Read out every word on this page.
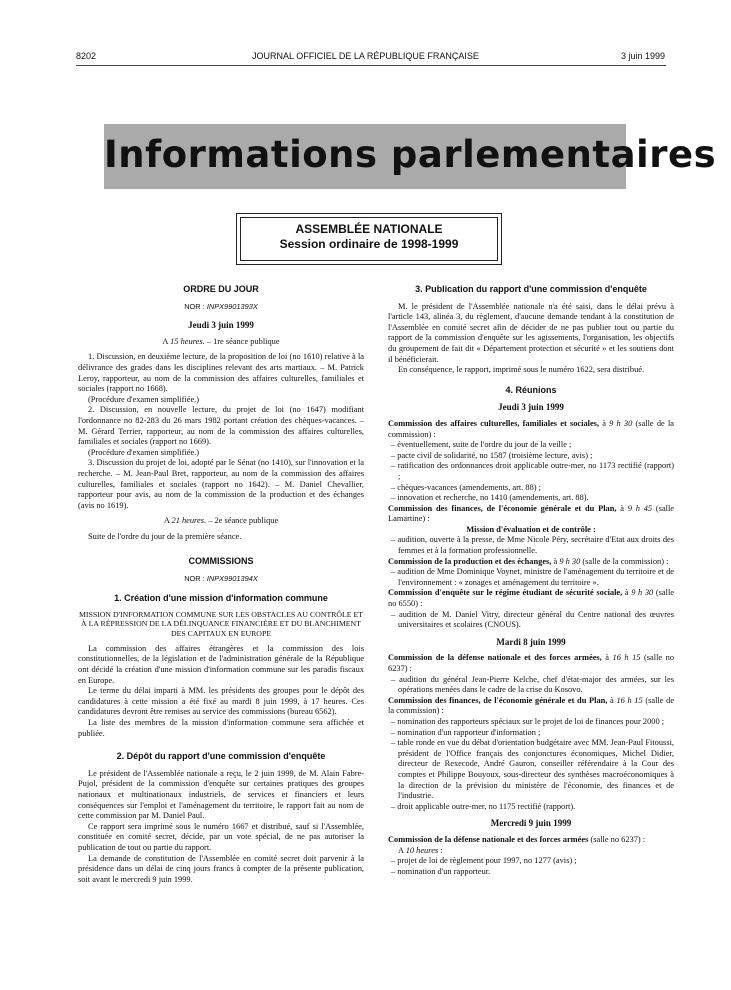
8202	JOURNAL OFFICIEL DE LA RÉPUBLIQUE FRANÇAISE	3 juin 1999
Informations parlementaires
ASSEMBLÉE NATIONALE
Session ordinaire de 1998-1999
ORDRE DU JOUR
NOR : INPX9901393X
Jeudi 3 juin 1999
A 15 heures. – 1re séance publique

1. Discussion, en deuxième lecture, de la proposition de loi (no 1610) relative à la délivrance des grades dans les disciplines relevant des arts martiaux. – M. Patrick Leroy, rapporteur, au nom de la commission des affaires culturelles, familiales et sociales (rapport no 1668).

(Procédure d'examen simplifiée.)

2. Discussion, en nouvelle lecture, du projet de loi (no 1647) modifiant l'ordonnance no 82-283 du 26 mars 1982 portant création des chèques-vacances. – M. Gérard Terrier, rapporteur, au nom de la commission des affaires culturelles, familiales et sociales (rapport no 1669).

(Procédure d'examen simplifiée.)

3. Discussion du projet de loi, adopté par le Sénat (no 1410), sur l'innovation et la recherche. – M. Jean-Paul Bret, rapporteur, au nom de la commission des affaires culturelles, familiales et sociales (rapport no 1642). – M. Daniel Chevallier, rapporteur pour avis, au nom de la commission de la production et des échanges (avis no 1619).

A 21 heures. – 2e séance publique

Suite de l'ordre du jour de la première séance.

COMMISSIONS
NOR : INPX9901394X
1. Création d'une mission d'information commune
MISSION D'INFORMATION COMMUNE SUR LES OBSTACLES AU CONTRÔLE ET À LA RÉPRESSION DE LA DÉLINQUANCE FINANCIÈRE ET DU BLANCHIMENT DES CAPITAUX EN EUROPE

La commission des affaires étrangères et la commission des lois constitutionnelles, de la législation et de l'administration générale de la République ont décidé la création d'une mission d'information commune sur les paradis fiscaux en Europe.

Le terme du délai imparti à MM. les présidents des groupes pour le dépôt des candidatures à cette mission a été fixé au mardi 8 juin 1999, à 17 heures. Ces candidatures devront être remises au service des commissions (bureau 6562).

La liste des membres de la mission d'information commune sera affichée et publiée.

2. Dépôt du rapport d'une commission d'enquête

Le président de l'Assemblée nationale a reçu, le 2 juin 1999, de M. Alain Fabre-Pujol, président de la commission d'enquête sur certaines pratiques des groupes nationaux et multinationaux industriels, de services et financiers et leurs conséquences sur l'emploi et l'aménagement du territoire, le rapport fait au nom de cette commission par M. Daniel Paul.

Ce rapport sera imprimé sous le numéro 1667 et distribué, sauf si l'Assemblée, constituée en comité secret, décide, par un vote spécial, de ne pas autoriser la publication de tout ou partie du rapport.

La demande de constitution de l'Assemblée en comité secret doit parvenir à la présidence dans un délai de cinq jours francs à compter de la présente publication, soit avant le mercredi 9 juin 1999.

3. Publication du rapport d'une commission d'enquête

M. le président de l'Assemblée nationale n'a été saisi, dans le délai prévu à l'article 143, alinéa 3, du règlement, d'aucune demande tendant à la constitution de l'Assemblée en comité secret afin de décider de ne pas publier tout ou partie du rapport de la commission d'enquête sur les agissements, l'organisation, les objectifs du groupement de fait dit « Département protection et sécurité » et les soutiens dont il bénéficierait.

En conséquence, le rapport, imprimé sous le numéro 1622, sera distribué.

4. Réunions
Jeudi 3 juin 1999
Commission des affaires culturelles, familiales et sociales, à 9 h 30 (salle de la commission) :
– éventuellement, suite de l'ordre du jour de la veille ;
– pacte civil de solidarité, no 1587 (troisième lecture, avis) ;
– ratification des ordonnances droit applicable outre-mer, no 1173 rectifié (rapport) ;
– chèques-vacances (amendements, art. 88) ;
– innovation et recherche, no 1410 (amendements, art. 88).
Commission des finances, de l'économie générale et du Plan, à 9 h 45 (salle Lamartine) :
Mission d'évaluation et de contrôle :
– audition, ouverte à la presse, de Mme Nicole Péry, secrétaire d'Etat aux droits des femmes et à la formation professionnelle.
Commission de la production et des échanges, à 9 h 30 (salle de la commission) :
– audition de Mme Dominique Voynet, ministre de l'aménagement du territoire et de l'environnement : « zonages et aménagement du territoire ».
Commission d'enquête sur le régime étudiant de sécurité sociale, à 9 h 30 (salle no 6550) :
– audition de M. Daniel Vitry, directeur général du Centre national des œuvres universitaires et scolaires (CNOUS).
Mardi 8 juin 1999
Commission de la défense nationale et des forces armées, à 16 h 15 (salle no 6237) :
– audition du général Jean-Pierre Kelche, chef d'état-major des armées, sur les opérations menées dans le cadre de la crise du Kosovo.
Commission des finances, de l'économie générale et du Plan, à 16 h 15 (salle de la commission) :
– nomination des rapporteurs spéciaux sur le projet de loi de finances pour 2000 ;
– nomination d'un rapporteur d'information ;
– table ronde en vue du débat d'orientation budgétaire avec MM. Jean-Paul Fitoussi, président de l'Office français des conjonctures économiques, Michel Didier, directeur de Rexecode, André Gauron, conseiller référendaire à la Cour des comptes et Philippe Bouyoux, sous-directeur des synthèses macroéconomiques à la direction de la prévision du ministère de l'économie, des finances et de l'industrie.
– droit applicable outre-mer, no 1175 rectifié (rapport).
Mercredi 9 juin 1999
Commission de la défense nationale et des forces armées (salle no 6237) :
A 10 heures :
– projet de loi de règlement pour 1997, no 1277 (avis) ;
– nomination d'un rapporteur.
